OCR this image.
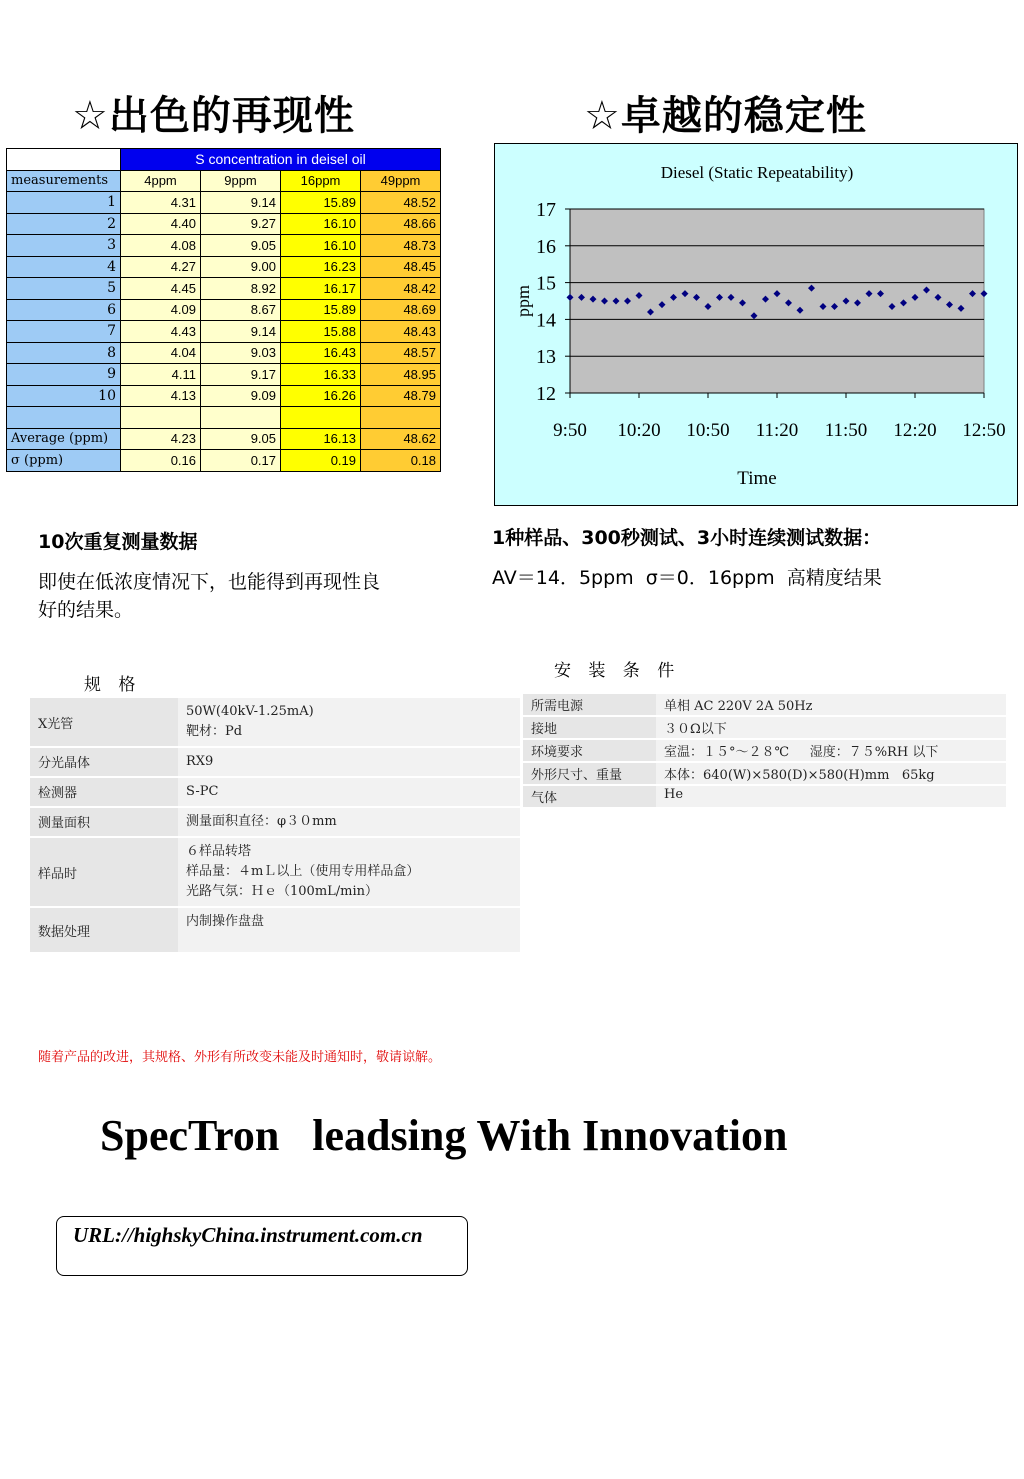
☆出色的再现性	☆卓越的稳定性
	S concentration in deisel oil			
measurements	4ppm	9ppm	16ppm	49ppm
1	4.31	9.14	15.89	48.52
2	4.40	9.27	16.10	48.66
3	4.08	9.05	16.10	48.73
4	4.27	9.00	16.23	48.45
5	4.45	8.92	16.17	48.42
6	4.09	8.67	15.89	48.69
7	4.43	9.14	15.88	48.43
8	4.04	9.03	16.43	48.57
9	4.11	9.17	16.33	48.95
10	4.13	9.09	16.26	48.79

Average (ppm)	4.23	9.05	16.13	48.62
σ (ppm)	0.16	0.17	0.19	0.18
Diesel (Static Repeatability)
12
13
14
15
16
17
9:50 10:20 10:50 11:20 11:50 12:20 12:50
Time
ppm
10次重复测量数据
即使在低浓度情况下，也能得到再现性良
好的结果。
1种样品、300秒测试、3小时连续测试数据：
AV＝14．5ppm  σ＝0．16ppm  高精度结果
规 格
X光管	50W(40kV-1.25mA)
靶材：Pd

分光晶体	RX9

检测器	S-PC

测量面积	测量面积直径：φ３０mm

样品时	６样品转塔
样品量：４mＬ以上（使用专用样品盒）
光路气氛：Ｈｅ（100mL/min）

数据处理	内制操作盘盘
安 装 条 件
所需电源	单相 AC 220V 2A 50Hz
接地	３０Ω以下
环境要求	室温：１５°～２８℃     湿度：７５%RH 以下
外形尺寸、重量	本体：640(W)×580(D)×580(H)mm   65kg
气体	He
随着产品的改进，其规格、外形有所改变未能及时通知时，敬请谅解。
SpecTron   leadsing With Innovation
URL://highskyChina.instrument.com.cn
